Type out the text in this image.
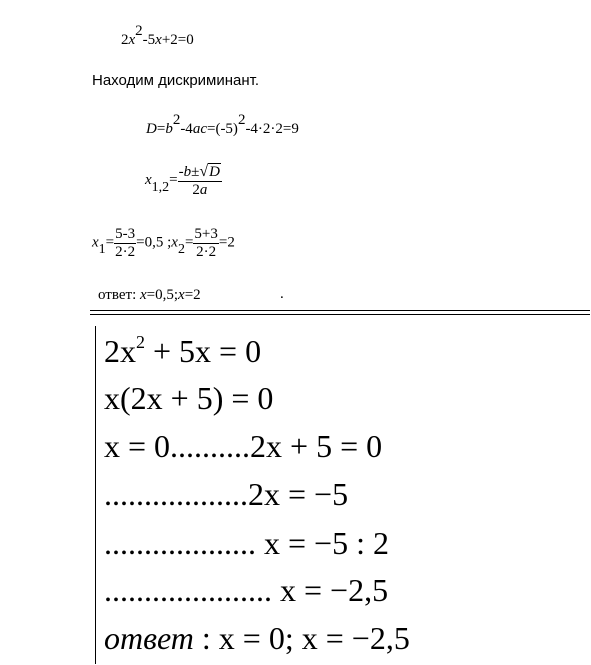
2x2-5x+2=0
Находим дискриминант.
D=b2-4ac=(-5)2-4·2·2=9
$x1,2= \frac{-b\pm√D}{2a}$
$x1= \frac{5-3}{2\cdot 2} =0,5$ ;x2= $\frac{5+3}{2\cdot 2} =2$
ответ: x=0,5;x=2	.
$2x^2 + 5x = 0$
x(2x + 5) = 0
x = 0..........2x + 5 = 0
..................2x = −5
................... x = −5 : 2
..................... x = −2,5
ответ : x = 0; x = −2,5
